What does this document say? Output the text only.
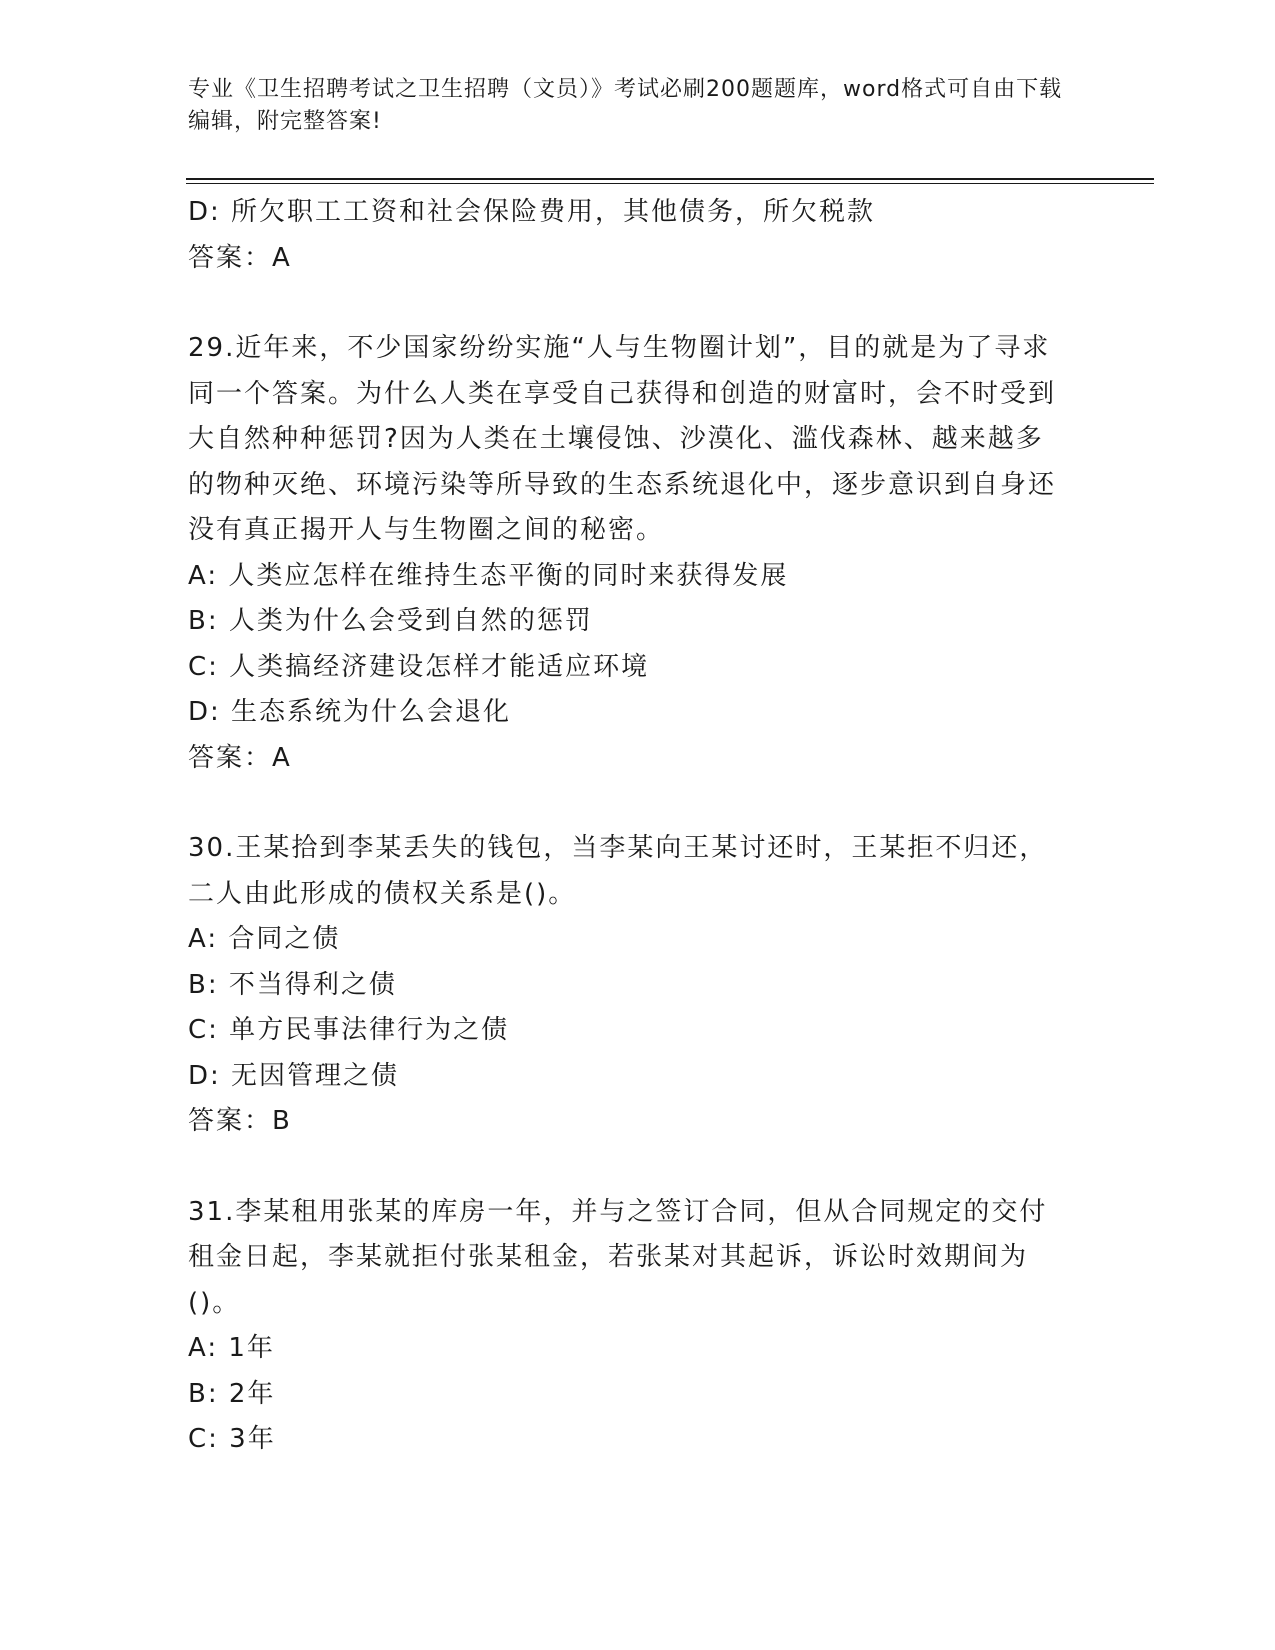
专业《卫生招聘考试之卫生招聘（文员）》考试必刷200题题库，word格式可自由下载编辑，附完整答案!

D: 所欠职工工资和社会保险费用，其他债务，所欠税款

答案：A

29.近年来，不少国家纷纷实施“人与生物圈计划”，目的就是为了寻求同一个答案。为什么人类在享受自己获得和创造的财富时，会不时受到大自然种种惩罚?因为人类在土壤侵蚀、沙漠化、滥伐森林、越来越多的物种灭绝、环境污染等所导致的生态系统退化中，逐步意识到自身还没有真正揭开人与生物圈之间的秘密。

A: 人类应怎样在维持生态平衡的同时来获得发展

B: 人类为什么会受到自然的惩罚

C: 人类搞经济建设怎样才能适应环境

D: 生态系统为什么会退化

答案：A

30.王某拾到李某丢失的钱包，当李某向王某讨还时，王某拒不归还，二人由此形成的债权关系是()。

A: 合同之债

B: 不当得利之债

C: 单方民事法律行为之债

D: 无因管理之债

答案：B

31.李某租用张某的库房一年，并与之签订合同，但从合同规定的交付租金日起，李某就拒付张某租金，若张某对其起诉，诉讼时效期间为()。

A: 1年

B: 2年

C: 3年
